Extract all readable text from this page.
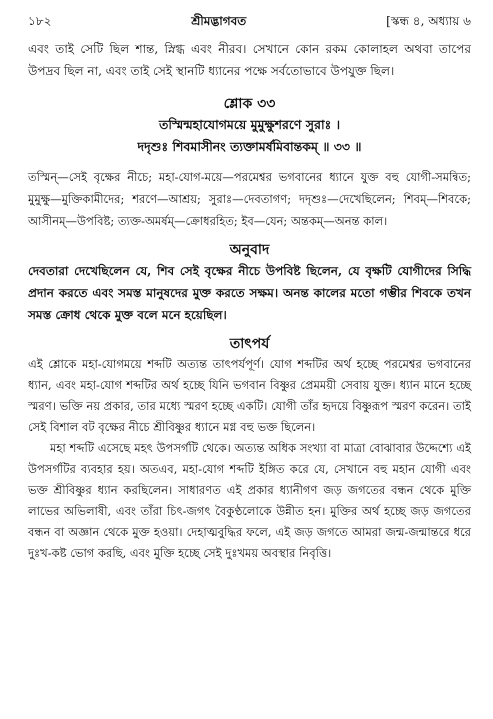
১৮২	শ্রীমদ্ভাগবত	[স্কন্ধ ৪, অধ্যায় ৬

এবং তাই সেটি ছিল শান্ত, স্নিগ্ধ এবং নীরব। সেখানে কোন রকম কোলাহল অথবা তাপের উপদ্রব ছিল না, এবং তাই সেই স্থানটি ধ্যানের পক্ষে সর্বতোভাবে উপযুক্ত ছিল।

শ্লোক ৩৩
তস্মিন্মহাযোগময়ে মুমুক্ষুশরণে সুরাঃ ।
দদৃশুঃ শিবমাসীনং ত্যক্তামর্ষমিবান্তকম্ ॥ ৩৩ ॥

তস্মিন্—সেই বৃক্ষের নীচে; মহা-যোগ-ময়ে—পরমেশ্বর ভগবানের ধ্যানে যুক্ত বহু যোগী-সমন্বিত; মুমুক্ষু—মুক্তিকামীদের; শরণে—আশ্রয়; সুরাঃ—দেবতাগণ; দদৃশুঃ—দেখেছিলেন; শিবম্—শিবকে; আসীনম্—উপবিষ্ট; ত্যক্ত-অমর্ষম্—ক্রোধরহিত; ইব—যেন; অন্তকম্—অনন্ত কাল।

অনুবাদ

দেবতারা দেখেছিলেন যে, শিব সেই বৃক্ষের নীচে উপবিষ্ট ছিলেন, যে বৃক্ষটি যোগীদের সিদ্ধি প্রদান করতে এবং সমস্ত মানুষদের মুক্ত করতে সক্ষম। অনন্ত কালের মতো গম্ভীর শিবকে তখন সমস্ত ক্রোধ থেকে মুক্ত বলে মনে হয়েছিল।

তাৎপর্য

এই শ্লোকে মহা-যোগময়ে শব্দটি অত্যন্ত তাৎপর্যপূর্ণ। যোগ শব্দটির অর্থ হচ্ছে পরমেশ্বর ভগবানের ধ্যান, এবং মহা-যোগ শব্দটির অর্থ হচ্ছে যিনি ভগবান বিষ্ণুর প্রেমময়ী সেবায় যুক্ত। ধ্যান মানে হচ্ছে স্মরণ। ভক্তি নয় প্রকার, তার মধ্যে স্মরণ হচ্ছে একটি। যোগী তাঁর হৃদয়ে বিষ্ণুরূপ স্মরণ করেন। তাই সেই বিশাল বট বৃক্ষের নীচে শ্রীবিষ্ণুর ধ্যানে মগ্ন বহু ভক্ত ছিলেন।

মহা শব্দটি এসেছে মহৎ উপসর্গটি থেকে। অত্যন্ত অধিক সংখ্যা বা মাত্রা বোঝাবার উদ্দেশ্যে এই উপসর্গটির ব্যবহার হয়। অতএব, মহা-যোগ শব্দটি ইঙ্গিত করে যে, সেখানে বহু মহান যোগী এবং ভক্ত শ্রীবিষ্ণুর ধ্যান করছিলেন। সাধারণত এই প্রকার ধ্যানীগণ জড় জগতের বন্ধন থেকে মুক্তি লাভের অভিলাষী, এবং তাঁরা চিৎ-জগৎ বৈকুণ্ঠলোকে উন্নীত হন। মুক্তির অর্থ হচ্ছে জড় জগতের বন্ধন বা অজ্ঞান থেকে মুক্ত হওয়া। দেহাত্মবুদ্ধির ফলে, এই জড় জগতে আমরা জন্ম-জন্মান্তরে ধরে দুঃখ-কষ্ট ভোগ করছি, এবং মুক্তি হচ্ছে সেই দুঃখময় অবস্থার নিবৃত্তি।
